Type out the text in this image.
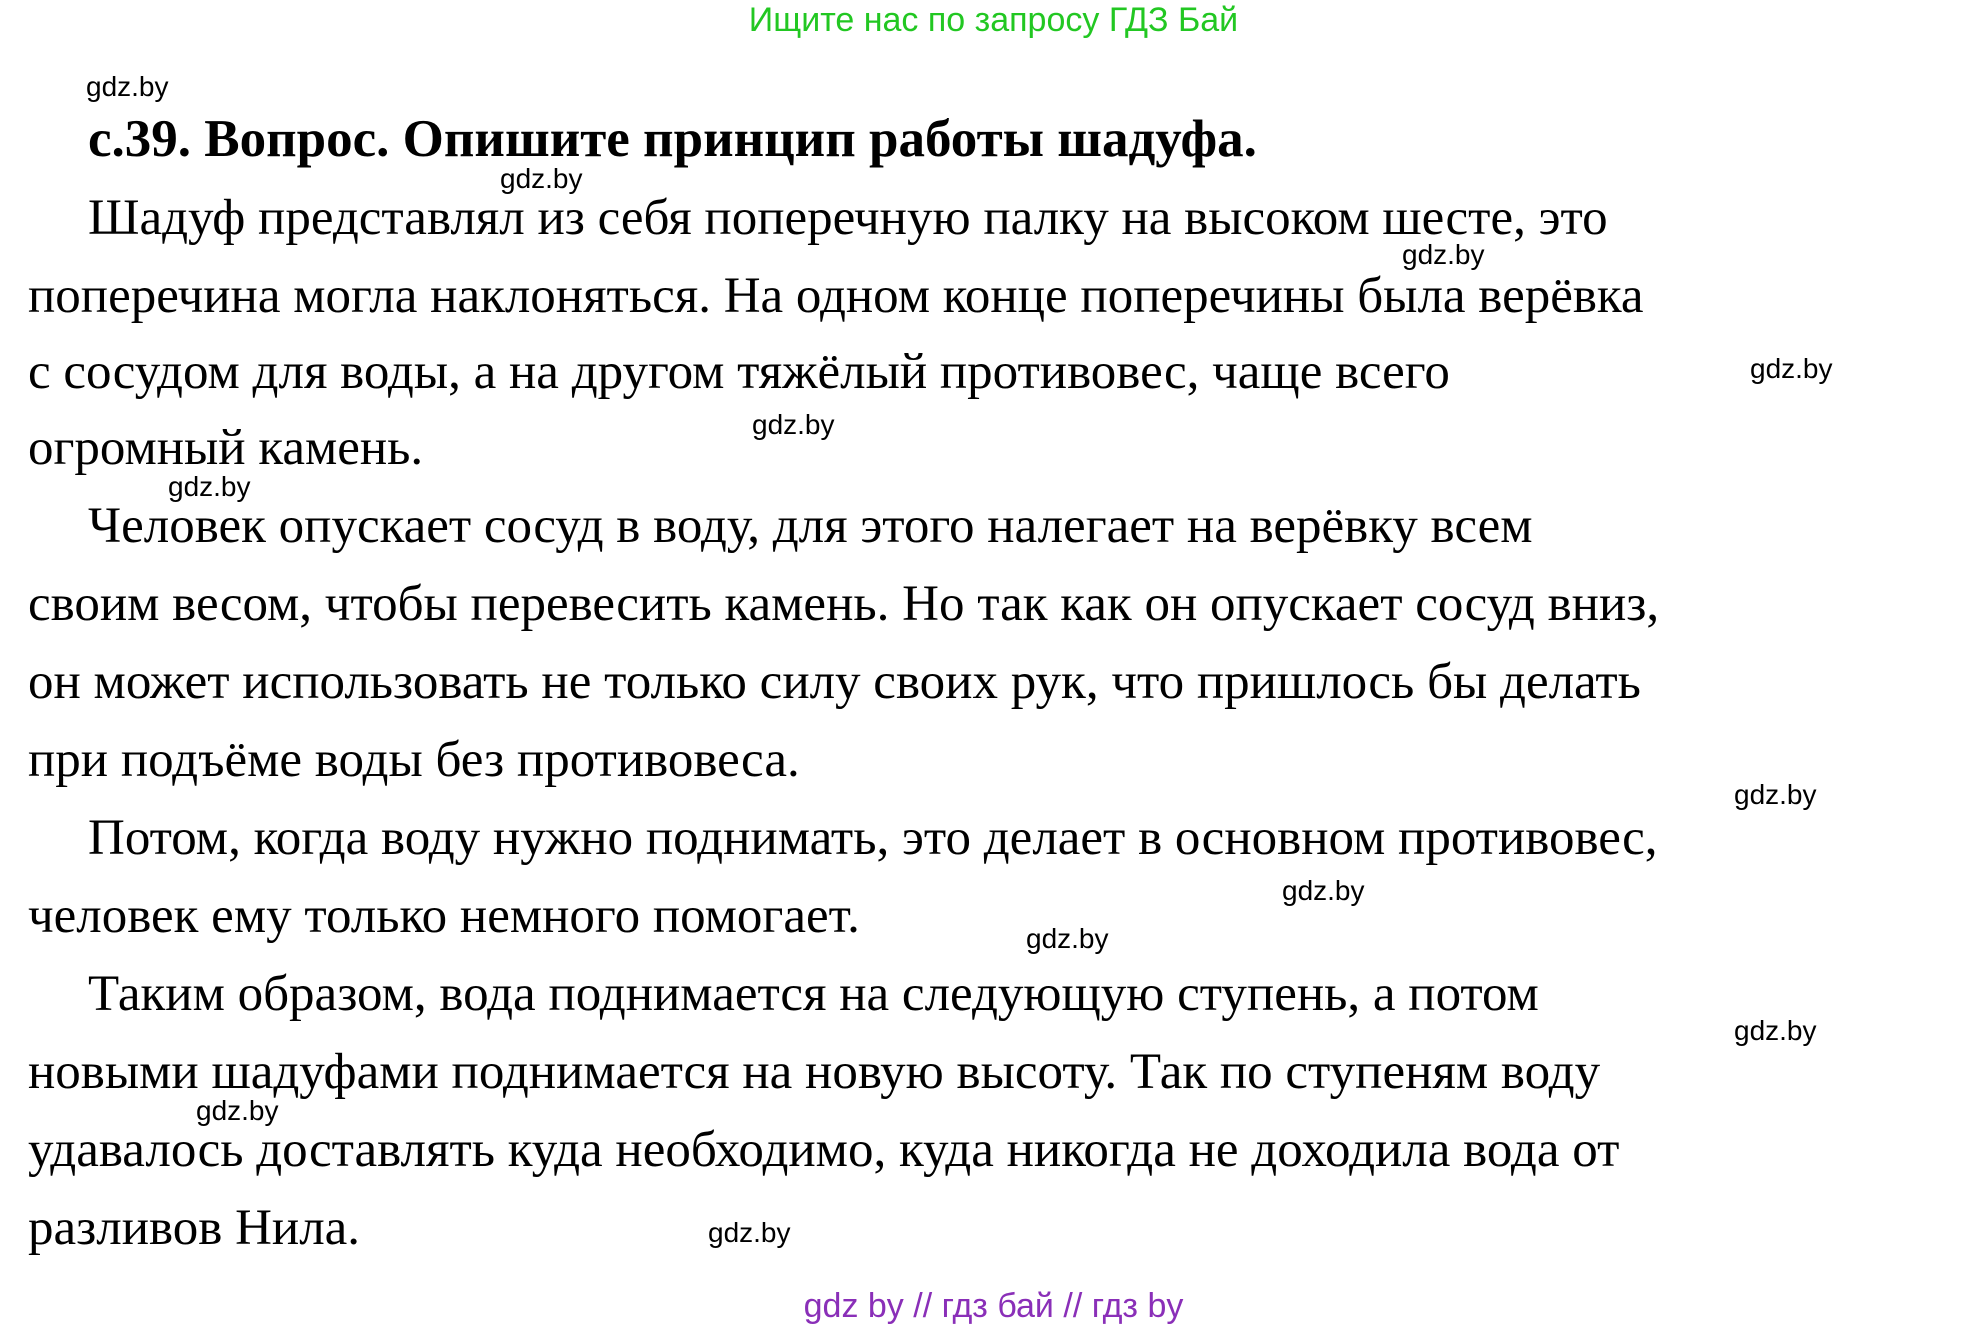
Ищите нас по запросу ГДЗ Бай
gdz.by
с.39. Вопрос. Опишите принцип работы шадуфа.
gdz.by
Шадуф представлял из себя поперечную палку на высоком шесте, это
gdz.by
поперечина могла наклоняться. На одном конце поперечины была верёвка
gdz.by
с сосудом для воды, а на другом тяжёлый противовес, чаще всего
gdz.by
огромный камень.
gdz.by
Человек опускает сосуд в воду, для этого налегает на верёвку всем
своим весом, чтобы перевесить камень. Но так как он опускает сосуд вниз,
он может использовать не только силу своих рук, что пришлось бы делать
при подъёме воды без противовеса.
gdz.by
Потом, когда воду нужно поднимать, это делает в основном противовес,
gdz.by
человек ему только немного помогает.	gdz.by
Таким образом, вода поднимается на следующую ступень, а потом
gdz.by
новыми шадуфами поднимается на новую высоту. Так по ступеням воду
gdz.by
удавалось доставлять куда необходимо, куда никогда не доходила вода от
разливов Нила.	gdz.by
gdz by // гдз бай // гдз by
